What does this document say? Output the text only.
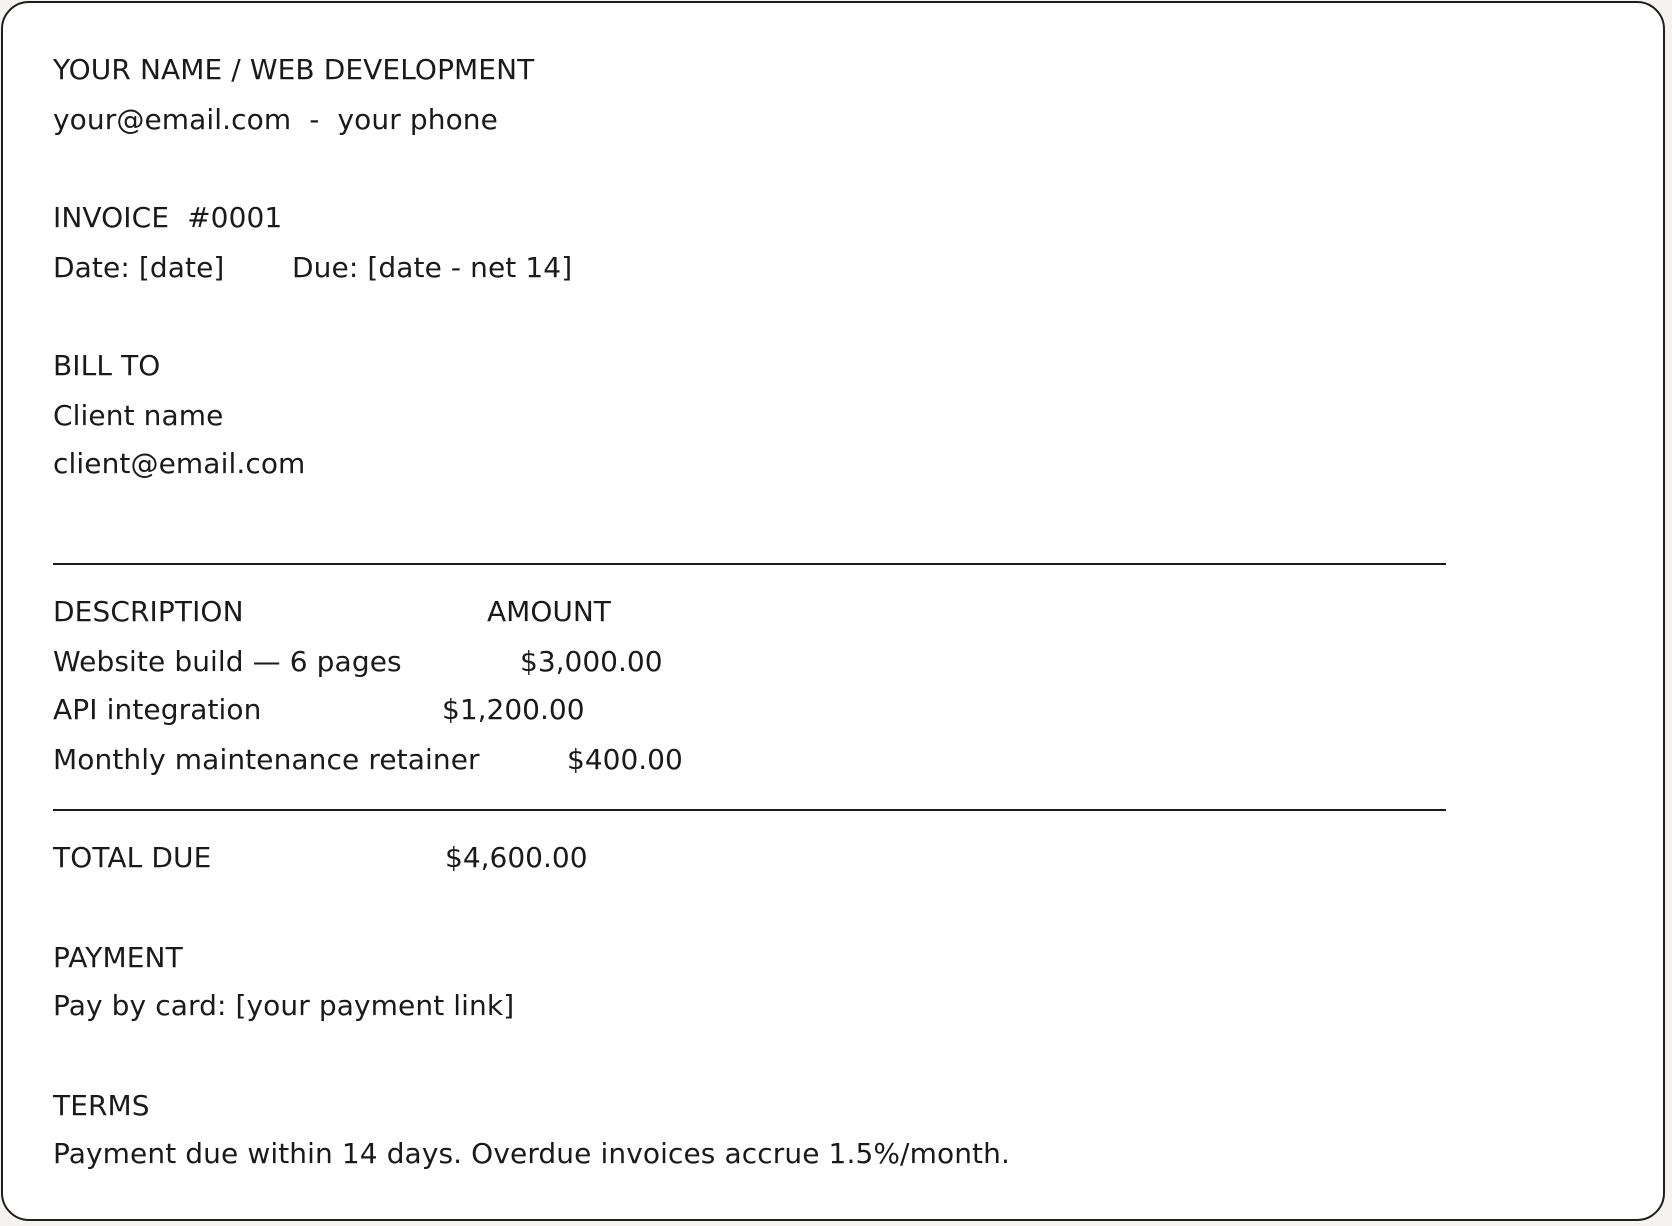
YOUR NAME / WEB DEVELOPMENT

your@email.com  -  your phone

INVOICE  #0001

Date: [date] Due: [date - net 14]

BILL TO

Client name

client@email.com

DESCRIPTION	AMOUNT

Website build — 6 pages	$3,000.00

API integration	$1,200.00

Monthly maintenance retainer	$400.00

TOTAL DUE	$4,600.00

PAYMENT

Pay by card: [your payment link]

TERMS

Payment due within 14 days. Overdue invoices accrue 1.5%/month.
